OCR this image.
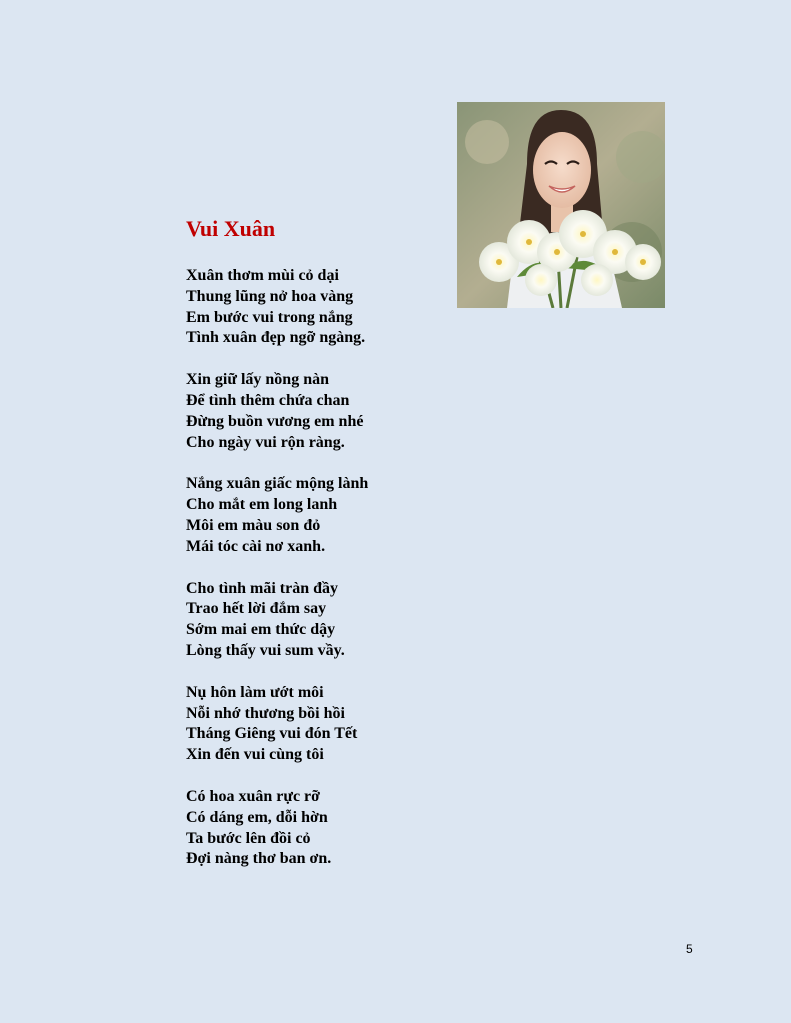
Vui Xuân
Xuân thơm mùi cỏ dại
Thung lũng nở hoa vàng
Em bước vui trong nắng
Tình xuân đẹp ngỡ ngàng.
Xin giữ lấy nồng nàn
Để tình thêm chứa chan
Đừng buồn vương em nhé
Cho ngày vui rộn ràng.
Nắng xuân giấc mộng lành
Cho mắt em long lanh
Môi em màu son đỏ
Mái tóc cài nơ xanh.
Cho tình mãi tràn đầy
Trao hết lời đắm say
Sớm mai em thức dậy
Lòng thấy vui sum vầy.
Nụ hôn làm ướt môi
Nỗi nhớ thương bồi hồi
Tháng Giêng vui đón Tết
Xin đến vui cùng tôi
Có hoa xuân rực rỡ
Có dáng em, dỗi hờn
Ta bước lên đồi cỏ
Đợi nàng thơ ban ơn.
5
